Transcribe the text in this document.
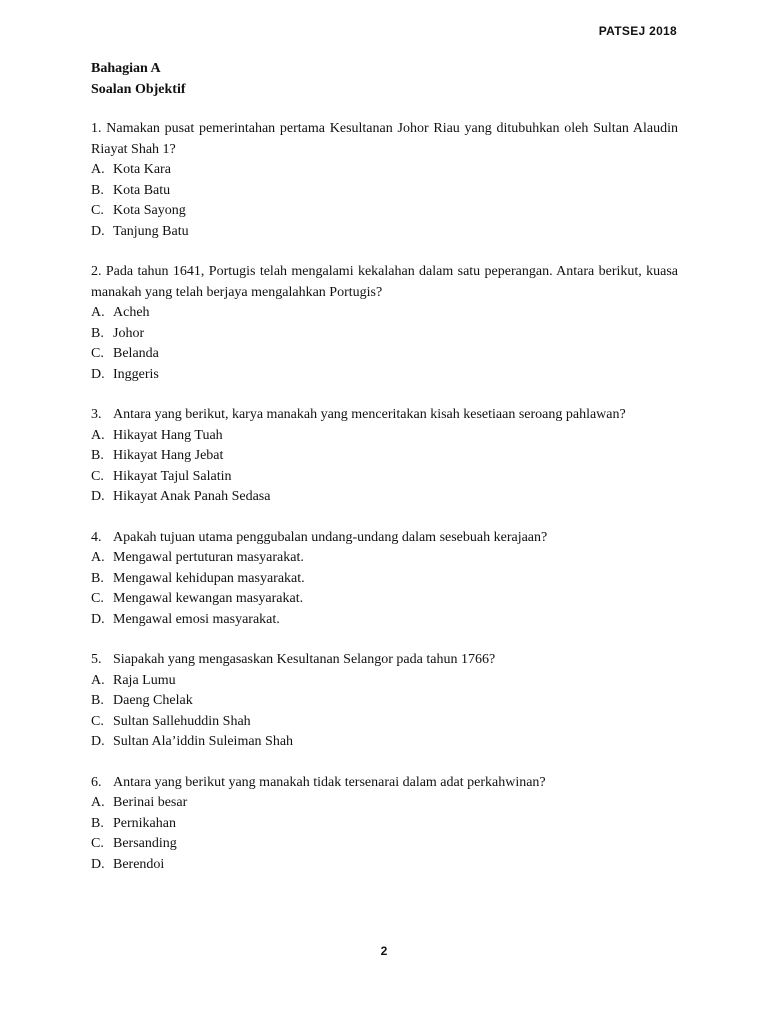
PATSEJ 2018

Bahagian A

Soalan Objektif

1. Namakan pusat pemerintahan pertama Kesultanan Johor Riau yang ditubuhkan oleh Sultan Alaudin Riayat Shah 1?
A. Kota Kara
B. Kota Batu
C. Kota Sayong
D. Tanjung Batu
2. Pada tahun 1641, Portugis telah mengalami kekalahan dalam satu peperangan. Antara berikut, kuasa manakah yang telah berjaya mengalahkan Portugis?
A. Acheh
B. Johor
C. Belanda
D. Inggeris
3. Antara yang berikut, karya manakah yang menceritakan kisah kesetiaan seroang pahlawan?
A. Hikayat Hang Tuah
B. Hikayat Hang Jebat
C. Hikayat Tajul Salatin
D. Hikayat Anak Panah Sedasa
4. Apakah tujuan utama penggubalan undang-undang dalam sesebuah kerajaan?
A. Mengawal pertuturan masyarakat.
B. Mengawal kehidupan masyarakat.
C. Mengawal kewangan masyarakat.
D. Mengawal emosi masyarakat.
5. Siapakah yang mengasaskan Kesultanan Selangor pada tahun 1766?
A. Raja Lumu
B. Daeng Chelak
C. Sultan Sallehuddin Shah
D. Sultan Ala’iddin Suleiman Shah
6. Antara yang berikut yang manakah tidak tersenarai dalam adat perkahwinan?
A. Berinai besar
B. Pernikahan
C. Bersanding
D. Berendoi
2
